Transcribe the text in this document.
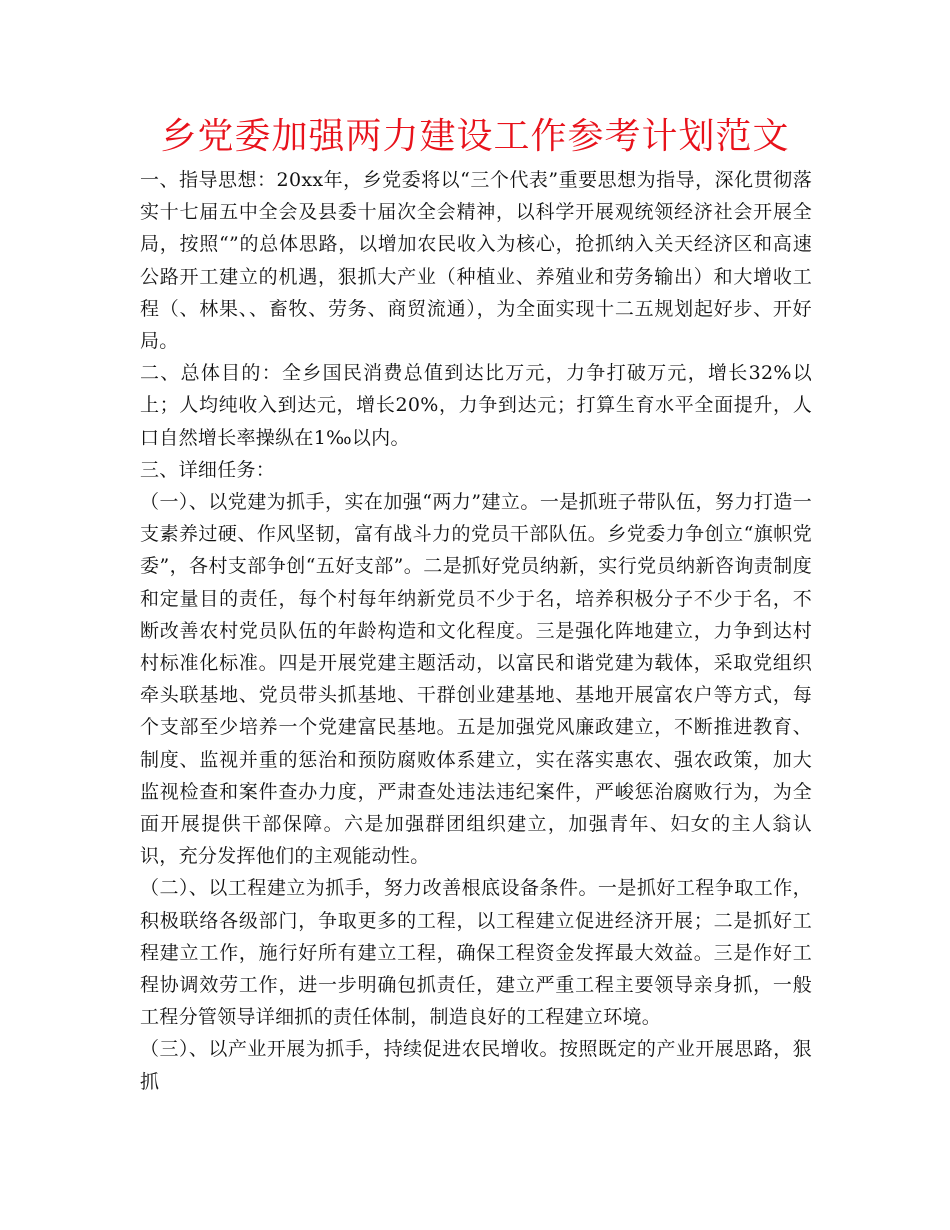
乡党委加强两力建设工作参考计划范文

一、指导思想：20xx年，乡党委将以“三个代表”重要思想为指导，深化贯彻落实十七届五中全会及县委十届次全会精神，以科学开展观统领经济社会开展全局，按照“”的总体思路，以增加农民收入为核心，抢抓纳入关天经济区和高速公路开工建立的机遇，狠抓大产业（种植业、养殖业和劳务输出）和大增收工程（、林果、、畜牧、劳务、商贸流通），为全面实现十二五规划起好步、开好局。

二、总体目的：全乡国民消费总值到达比万元，力争打破万元，增长32%以上；人均纯收入到达元，增长20%，力争到达元；打算生育水平全面提升，人口自然增长率操纵在1‰以内。

三、详细任务：

（一）、以党建为抓手，实在加强“两力”建立。一是抓班子带队伍，努力打造一支素养过硬、作风坚韧，富有战斗力的党员干部队伍。乡党委力争创立“旗帜党委”，各村支部争创“五好支部”。二是抓好党员纳新，实行党员纳新咨询责制度和定量目的责任，每个村每年纳新党员不少于名，培养积极分子不少于名，不断改善农村党员队伍的年龄构造和文化程度。三是强化阵地建立，力争到达村村标准化标准。四是开展党建主题活动，以富民和谐党建为载体，采取党组织牵头联基地、党员带头抓基地、干群创业建基地、基地开展富农户等方式，每个支部至少培养一个党建富民基地。五是加强党风廉政建立，不断推进教育、制度、监视并重的惩治和预防腐败体系建立，实在落实惠农、强农政策，加大监视检查和案件查办力度，严肃查处违法违纪案件，严峻惩治腐败行为，为全面开展提供干部保障。六是加强群团组织建立，加强青年、妇女的主人翁认识，充分发挥他们的主观能动性。

（二）、以工程建立为抓手，努力改善根底设备条件。一是抓好工程争取工作，积极联络各级部门，争取更多的工程，以工程建立促进经济开展；二是抓好工程建立工作，施行好所有建立工程，确保工程资金发挥最大效益。三是作好工程协调效劳工作，进一步明确包抓责任，建立严重工程主要领导亲身抓，一般工程分管领导详细抓的责任体制，制造良好的工程建立环境。

（三）、以产业开展为抓手，持续促进农民增收。按照既定的产业开展思路，狠抓
